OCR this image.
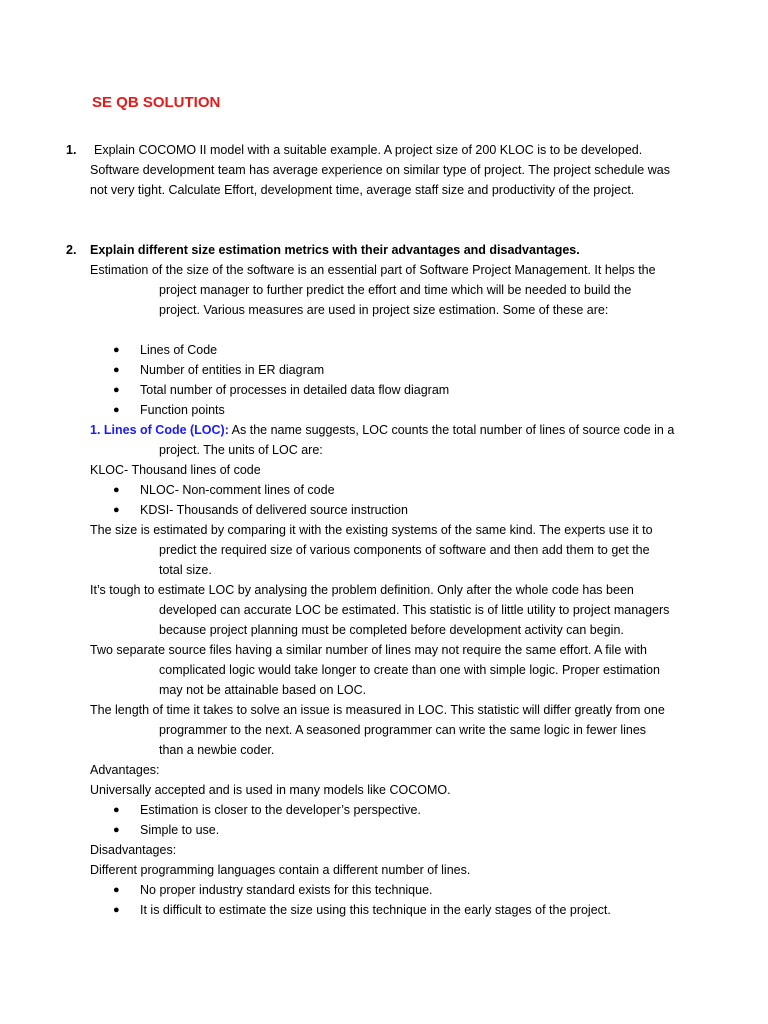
SE QB SOLUTION
1. Explain COCOMO II model with a suitable example. A project size of 200 KLOC is to be developed.
Software development team has average experience on similar type of project. The project schedule was
not very tight. Calculate Effort, development time, average staff size and productivity of the project.
2. Explain different size estimation metrics with their advantages and disadvantages.
Estimation of the size of the software is an essential part of Software Project Management. It helps the
project manager to further predict the effort and time which will be needed to build the
project. Various measures are used in project size estimation. Some of these are:
● Lines of Code
● Number of entities in ER diagram
● Total number of processes in detailed data flow diagram
● Function points
1. Lines of Code (LOC): As the name suggests, LOC counts the total number of lines of source code in a
project. The units of LOC are:
KLOC- Thousand lines of code
● NLOC- Non-comment lines of code
● KDSI- Thousands of delivered source instruction
The size is estimated by comparing it with the existing systems of the same kind. The experts use it to
predict the required size of various components of software and then add them to get the
total size.
It’s tough to estimate LOC by analysing the problem definition. Only after the whole code has been
developed can accurate LOC be estimated. This statistic is of little utility to project managers
because project planning must be completed before development activity can begin.
Two separate source files having a similar number of lines may not require the same effort. A file with
complicated logic would take longer to create than one with simple logic. Proper estimation
may not be attainable based on LOC.
The length of time it takes to solve an issue is measured in LOC. This statistic will differ greatly from one
programmer to the next. A seasoned programmer can write the same logic in fewer lines
than a newbie coder.
Advantages:
Universally accepted and is used in many models like COCOMO.
● Estimation is closer to the developer’s perspective.
● Simple to use.
Disadvantages:
Different programming languages contain a different number of lines.
● No proper industry standard exists for this technique.
● It is difficult to estimate the size using this technique in the early stages of the project.
